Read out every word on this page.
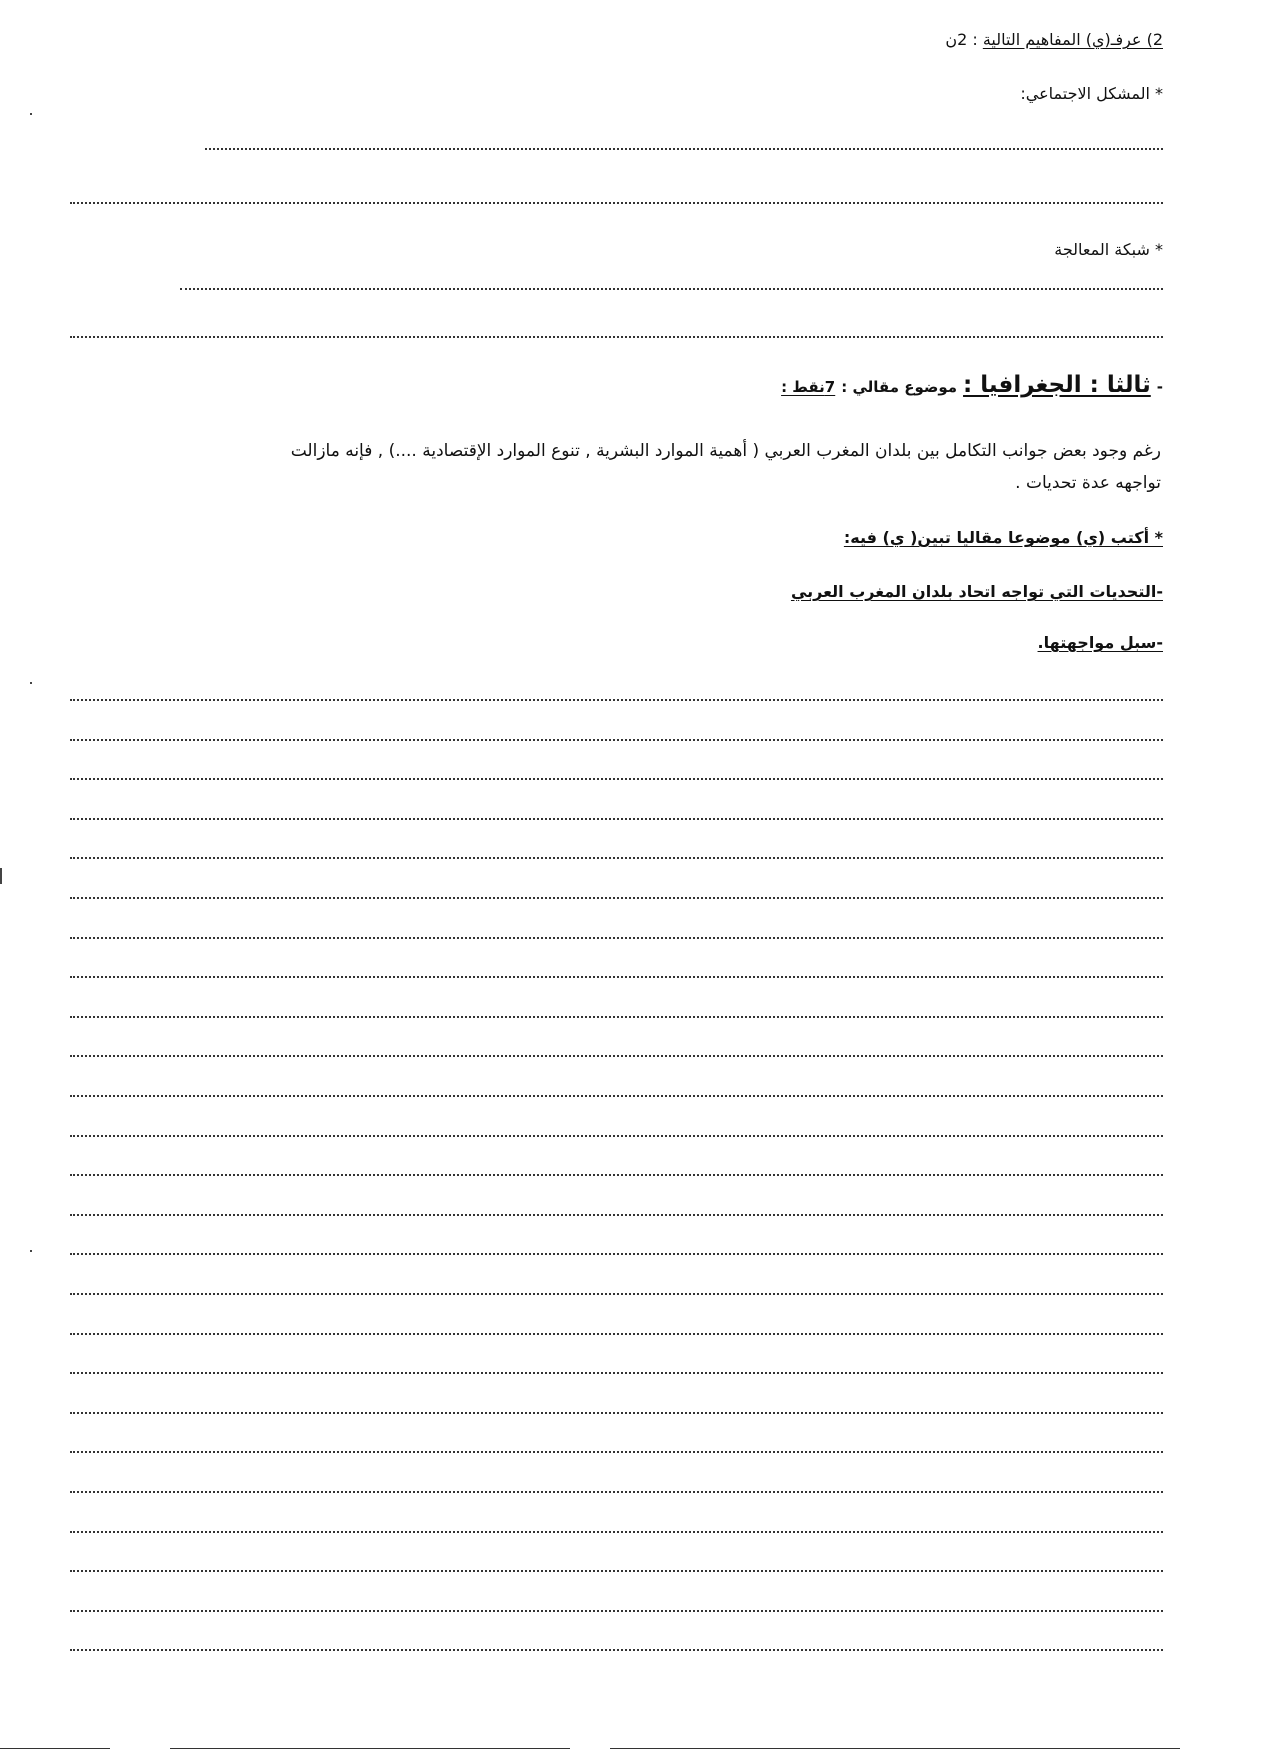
2) عرفـ(ي) المفاهيم التالية : 2ن
* المشكل الاجتماعي:
* شبكة المعالجة
-
ثالثا : الجغرافيا :
موضوع مقالي :
7نقط :
رغم وجود بعض جوانب التكامل بين بلدان المغرب العربي ( أهمية الموارد البشرية , تنوع الموارد الإقتصادية ....) , فإنه مازالت
تواجهه عدة تحديات .
* أكتب (ي) موضوعا مقاليا تبين( ي) فيه:
-التحديات التي تواجه اتحاد بلدان المغرب العربي
-سبل مواجهتها.
